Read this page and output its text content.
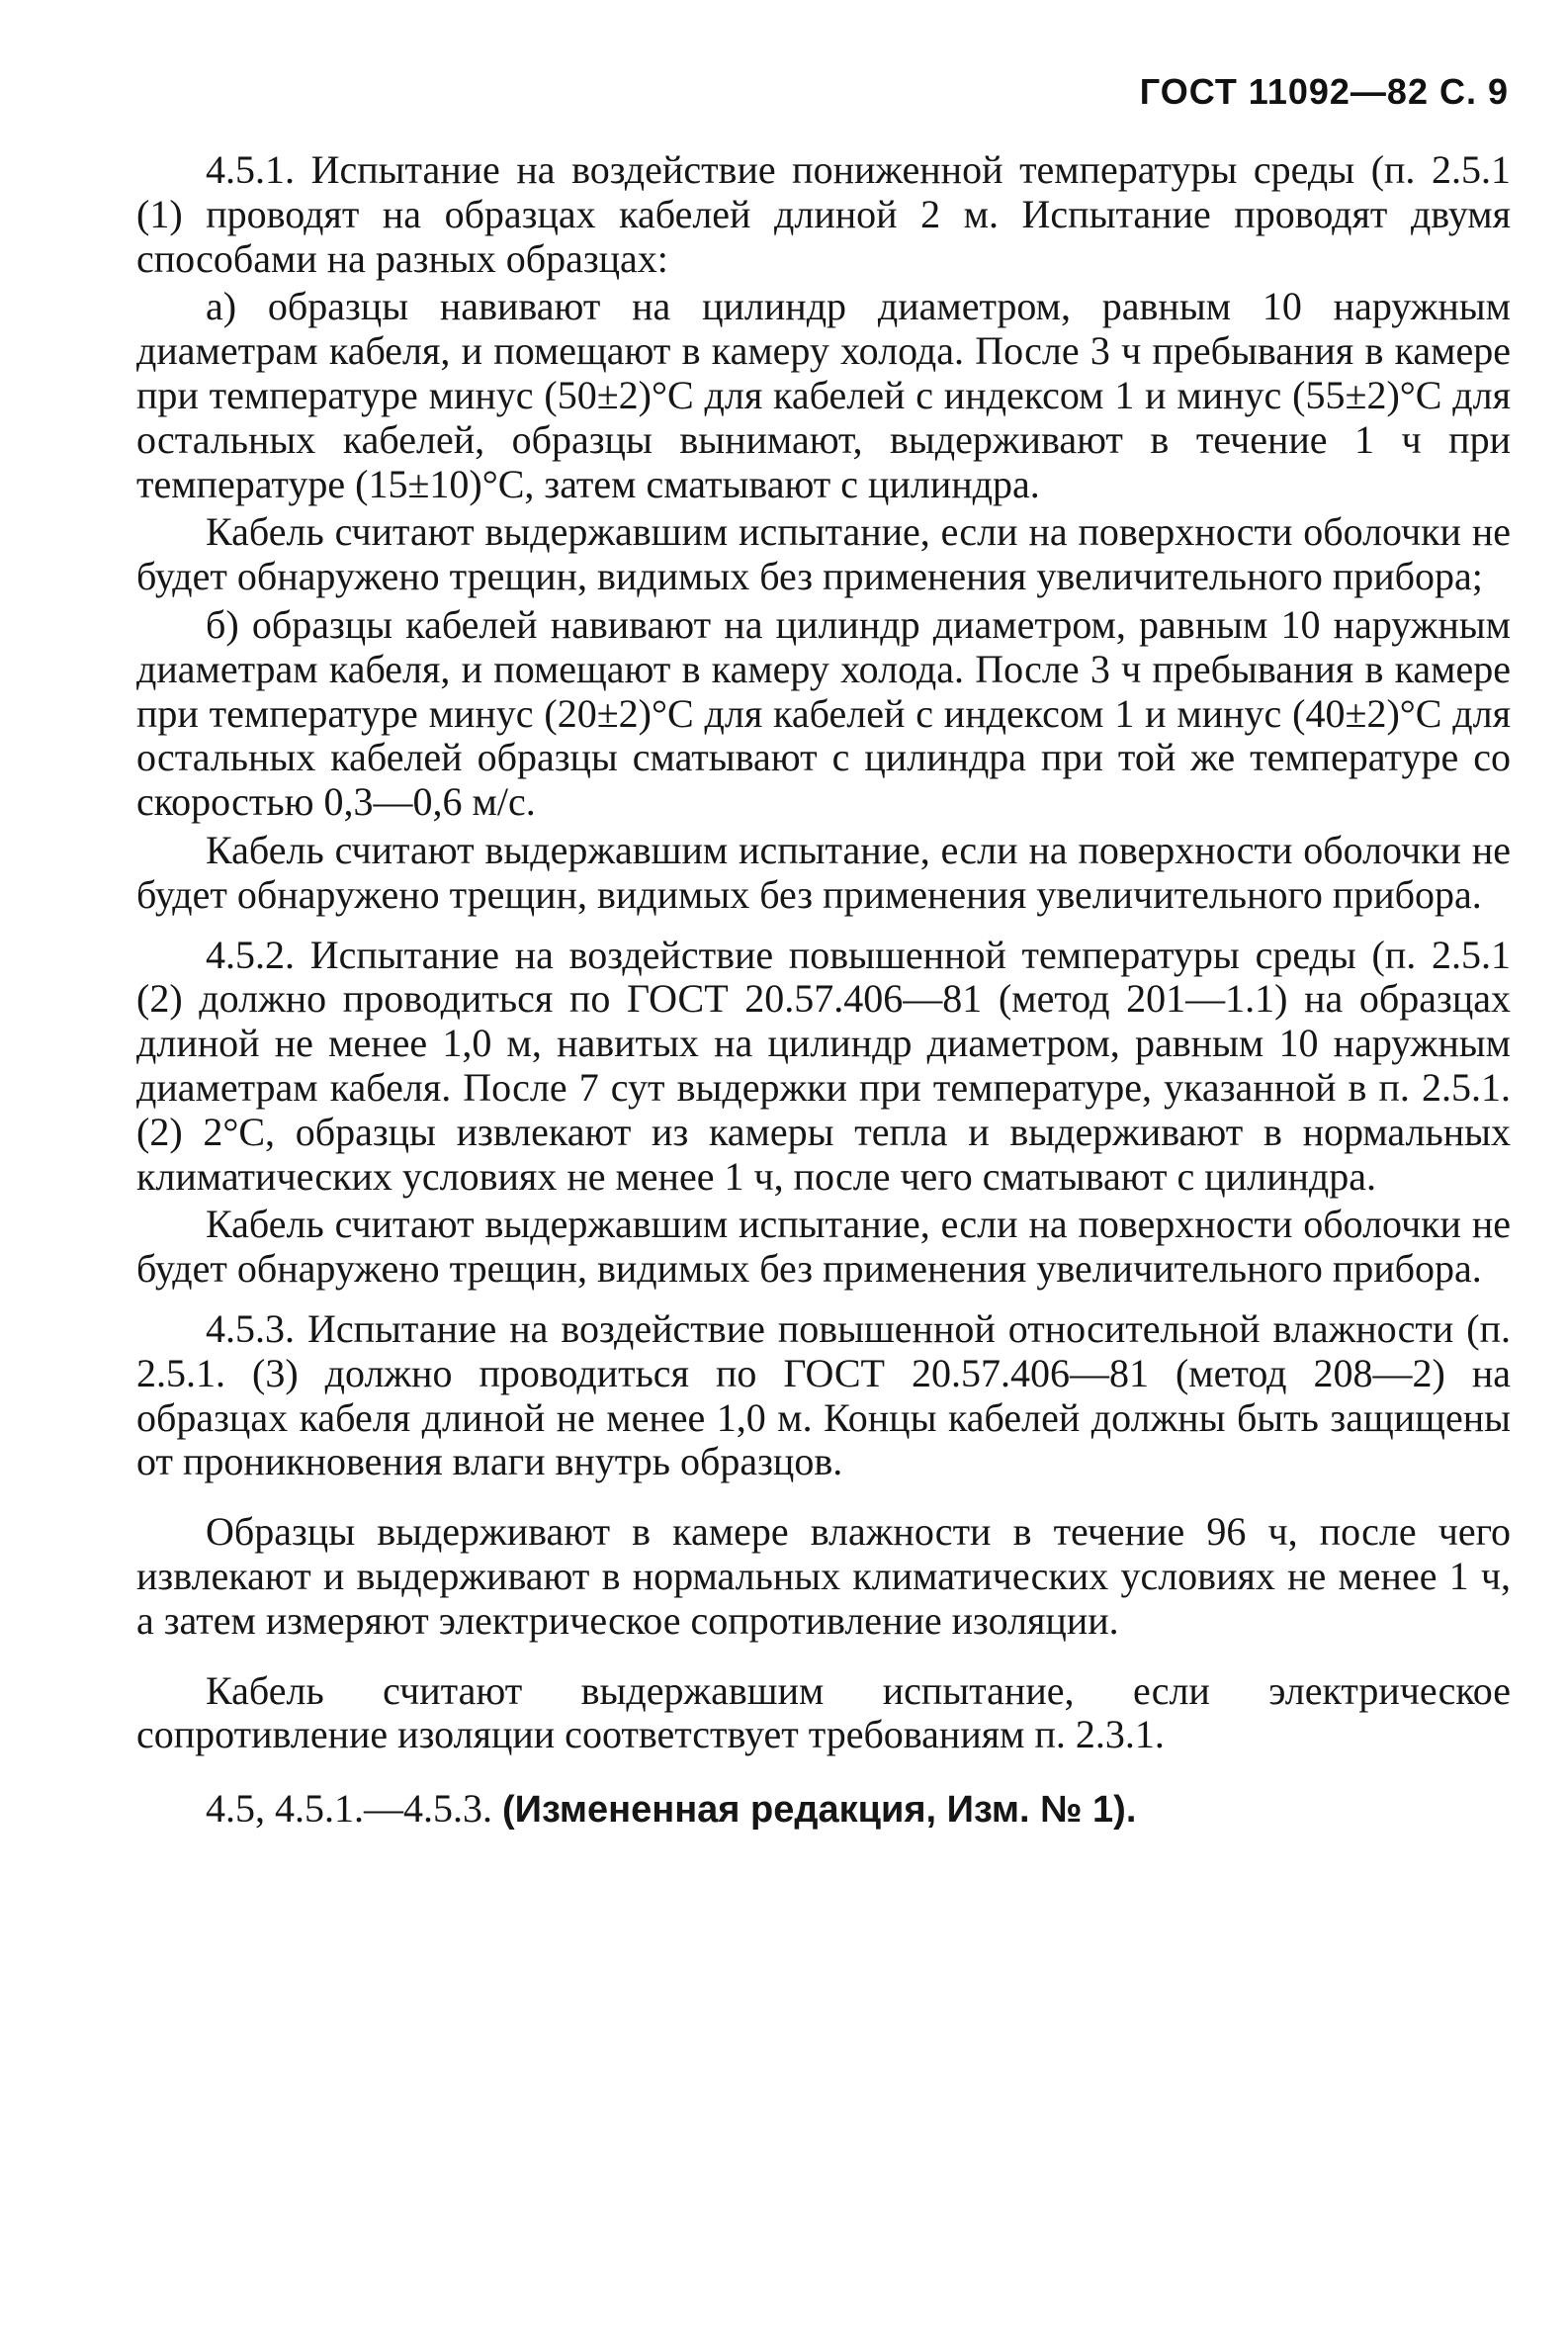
ГОСТ 11092—82 С. 9

4.5.1. Испытание на воздействие пониженной температуры среды (п. 2.5.1 (1) проводят на образцах кабелей длиной 2 м. Испытание проводят двумя способами на разных образцах:

а) образцы навивают на цилиндр диаметром, равным 10 наружным диаметрам кабеля, и помещают в камеру холода. После 3 ч пребывания в камере при температуре минус (50±2)°С для кабелей с индексом 1 и минус (55±2)°С для остальных кабелей, образцы вынимают, выдерживают в течение 1 ч при температуре (15±10)°С, затем сматывают с цилиндра.

Кабель считают выдержавшим испытание, если на поверхности оболочки не будет обнаружено трещин, видимых без применения увеличительного прибора;

б) образцы кабелей навивают на цилиндр диаметром, равным 10 наружным диаметрам кабеля, и помещают в камеру холода. После 3 ч пребывания в камере при температуре минус (20±2)°С для кабелей с индексом 1 и минус (40±2)°С для остальных кабелей образцы сматывают с цилиндра при той же температуре со скоростью 0,3—0,6 м/с.

Кабель считают выдержавшим испытание, если на поверхности оболочки не будет обнаружено трещин, видимых без применения увеличительного прибора.

4.5.2. Испытание на воздействие повышенной температуры среды (п. 2.5.1 (2) должно проводиться по ГОСТ 20.57.406—81 (метод 201—1.1) на образцах длиной не менее 1,0 м, навитых на цилиндр диаметром, равным 10 наружным диаметрам кабеля. После 7 сут выдержки при температуре, указанной в п. 2.5.1. (2) 2°С, образцы извлекают из камеры тепла и выдерживают в нормальных климатических условиях не менее 1 ч, после чего сматывают с цилиндра.

Кабель считают выдержавшим испытание, если на поверхности оболочки не будет обнаружено трещин, видимых без применения увеличительного прибора.

4.5.3. Испытание на воздействие повышенной относительной влажности (п. 2.5.1. (3) должно проводиться по ГОСТ 20.57.406—81 (метод 208—2) на образцах кабеля длиной не менее 1,0 м. Концы кабелей должны быть защищены от проникновения влаги внутрь образцов.

Образцы выдерживают в камере влажности в течение 96 ч, после чего извлекают и выдерживают в нормальных климатических условиях не менее 1 ч, а затем измеряют электрическое сопротивление изоляции.

Кабель считают выдержавшим испытание, если электрическое сопротивление изоляции соответствует требованиям п. 2.3.1.

4.5, 4.5.1.—4.5.3. (Измененная редакция, Изм. № 1).
